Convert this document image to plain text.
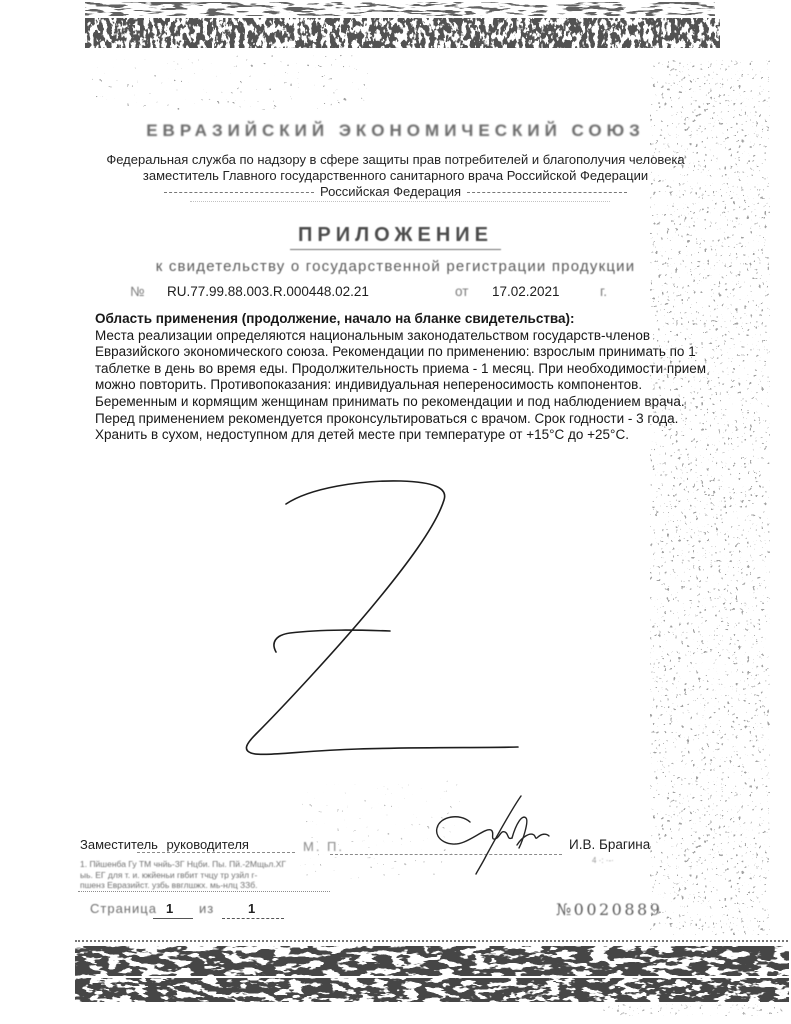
ЕВРАЗИЙСКИЙ ЭКОНОМИЧЕСКИЙ СОЮЗ
Федеральная служба по надзору в сфере защиты прав потребителей и благополучия человека
заместитель Главного государственного санитарного врача Российской Федерации
Российская Федерация
ПРИЛОЖЕНИЕ
к свидетельству о государственной регистрации продукции
№ RU.77.99.88.003.R.000448.02.21	от 17.02.2021	г.
Область применения (продолжение, начало на бланке свидетельства):
Места реализации определяются национальным законодательством государств-членов Евразийского экономического союза. Рекомендации по применению: взрослым принимать по 1 таблетке в день во время еды. Продолжительность приема - 1 месяц. При необходимости прием можно повторить. Противопоказания: индивидуальная непереносимость компонентов. Беременным и кормящим женщинам принимать по рекомендации и под наблюдением врача. Перед применением рекомендуется проконсультироваться с врачом. Срок годности - 3 года. Хранить в сухом, недоступном для детей месте при температуре от +15°С до +25°С.
Заместитель руководителя	М. П.	И.В. Брагина
4 ·: ·-·
1. Пйшенба Гу ТМ чнйь-ЗГ Нцби. Пы. Пй.-2Мщьл.ХГ
ыь. ЕГ для т. и. кжйеньи гвбит тчцу тр узйл г-
пшенз Евразийст. узбь ввглшжх. мь-нлц ЗЗб.
Страница 1 из	1	№0020889
